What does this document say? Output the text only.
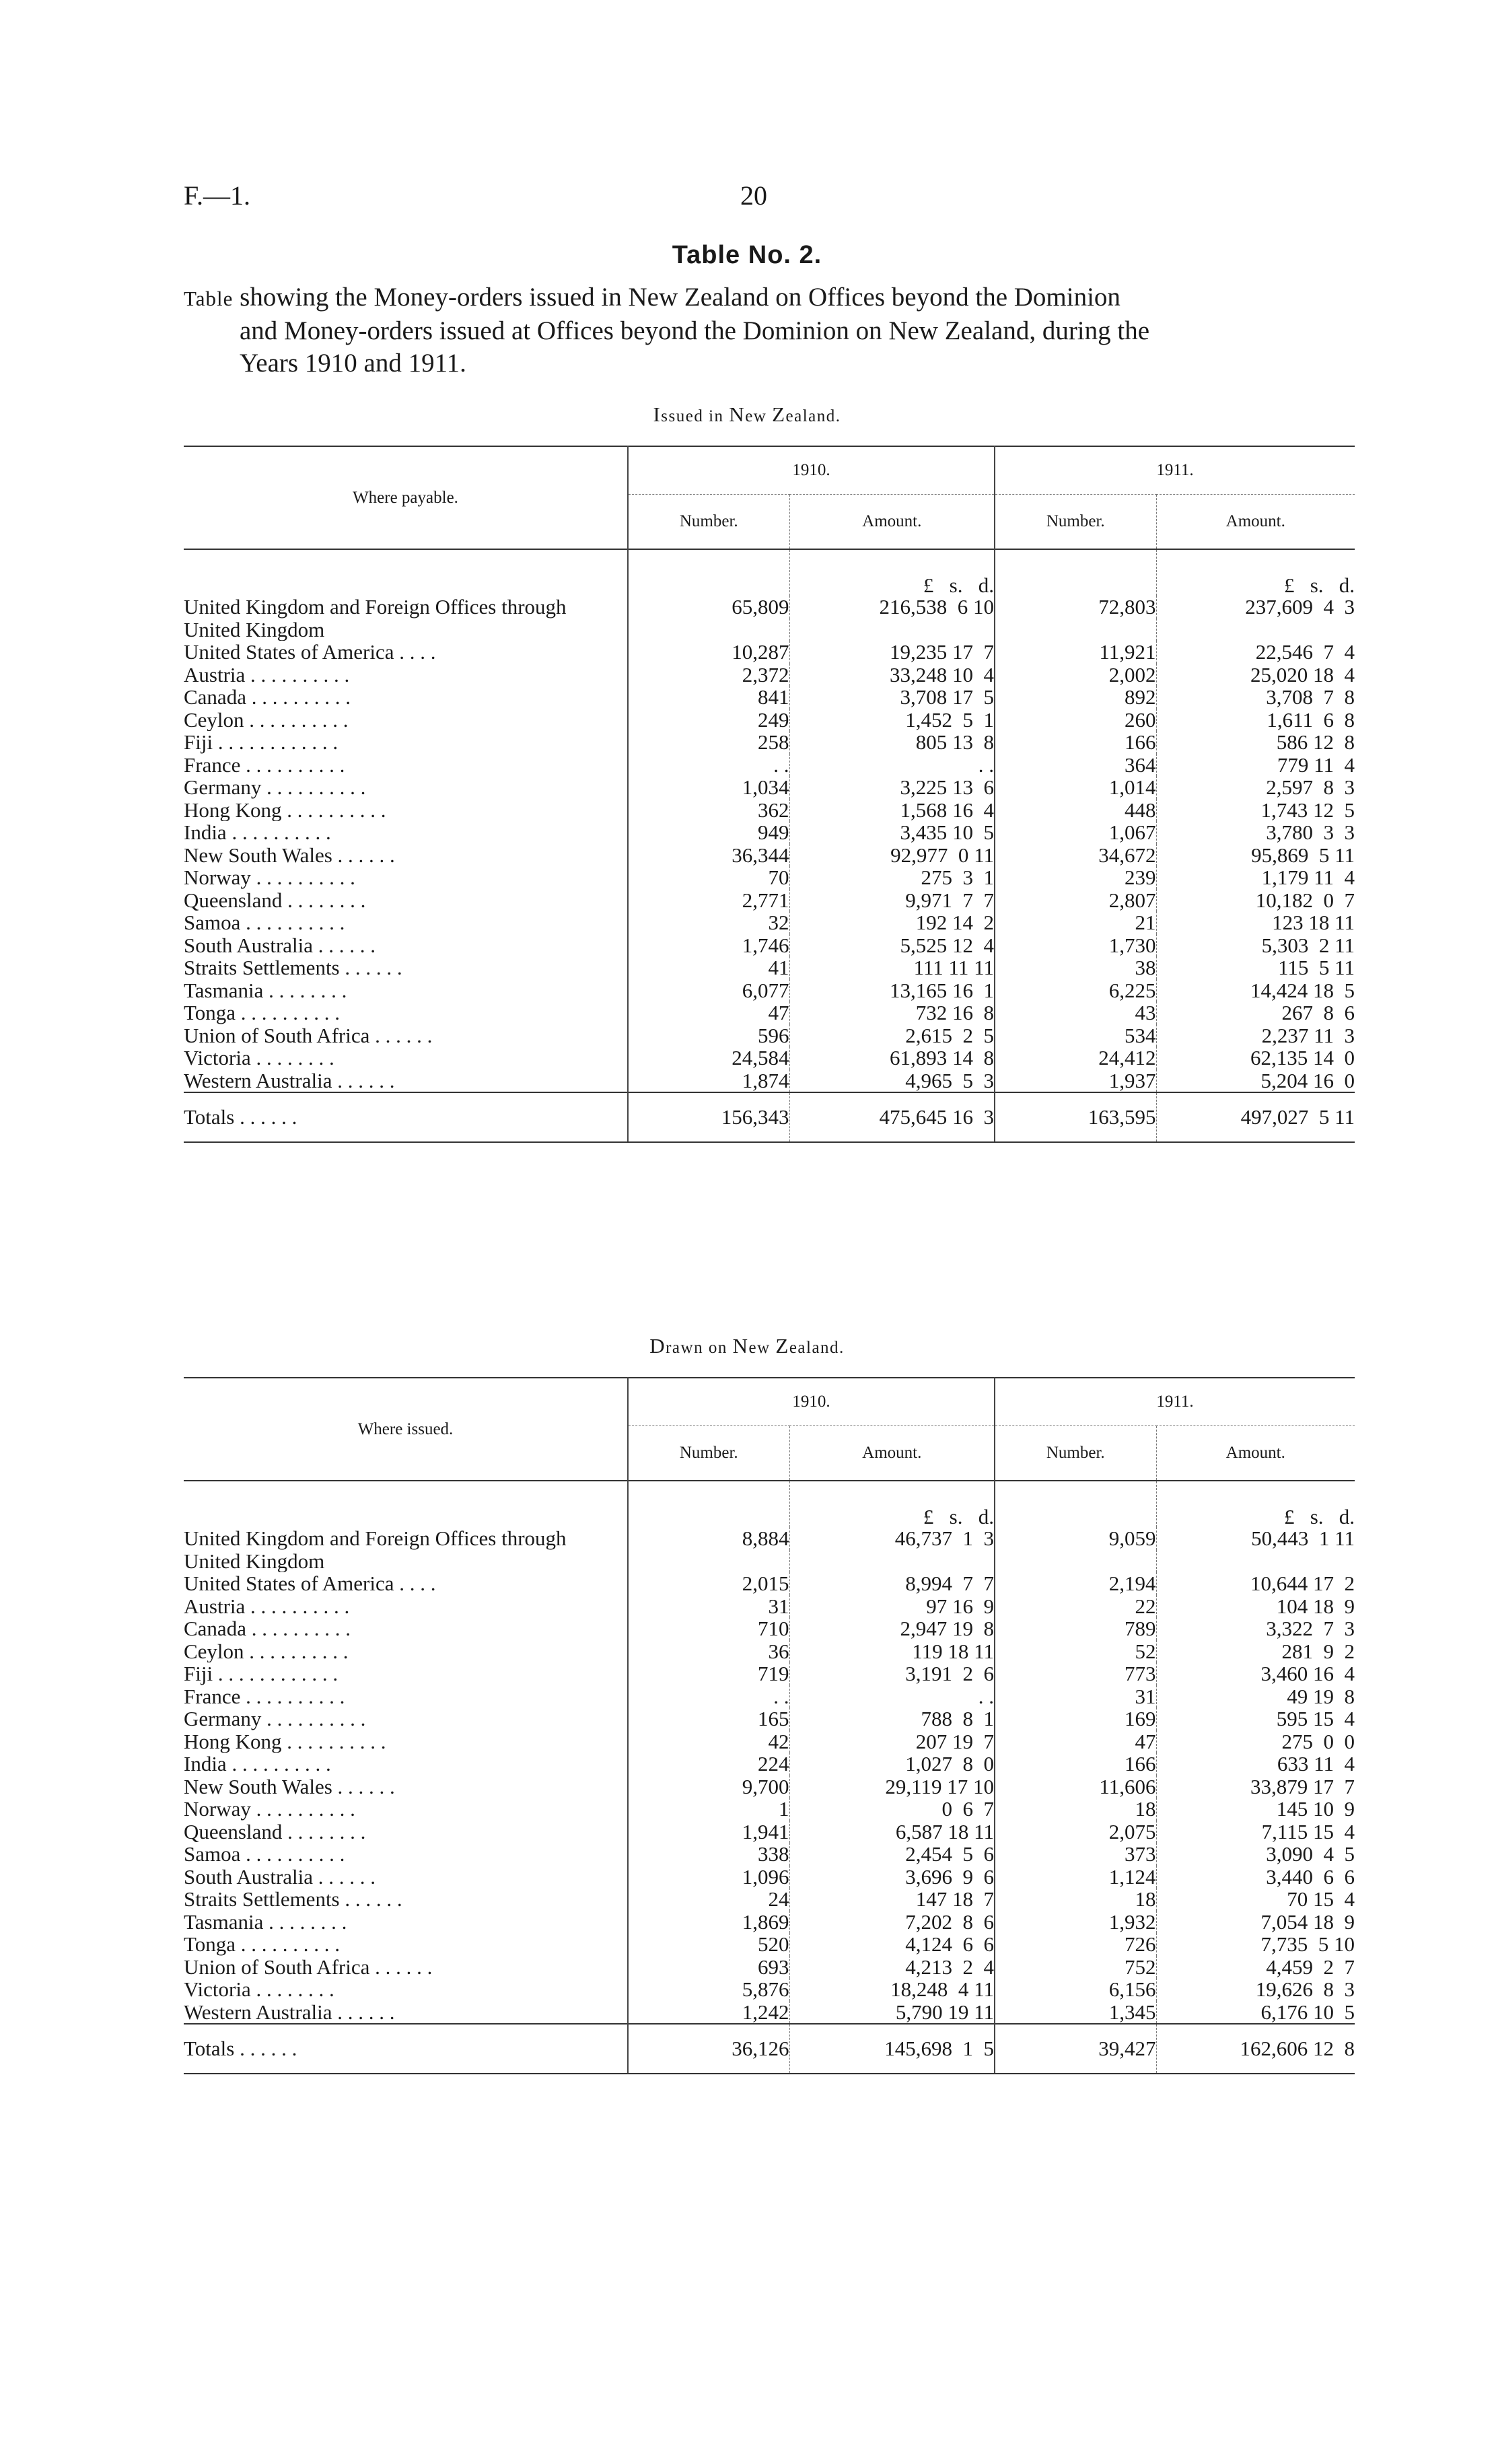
F.—1.	20
Table No. 2.
Table showing the Money-orders issued in New Zealand on Offices beyond the Dominion
and Money-orders issued at Offices beyond the Dominion on New Zealand, during the
Years 1910 and 1911.
Issued in New Zealand.
Where payable.	1910.		1911.	
	Number.	Amount.	Number.	Amount.
		£   s.   d.		£   s.   d.
United Kingdom and Foreign Offices through	65,809	216,538  6 10	72,803	237,609  4  3
United Kingdom				
United States of America . . . .	10,287	19,235 17  7	11,921	22,546  7  4
Austria . . . . . . . . . .	2,372	33,248 10  4	2,002	25,020 18  4
Canada . . . . . . . . . .	841	3,708 17  5	892	3,708  7  8
Ceylon . . . . . . . . . .	249	1,452  5  1	260	1,611  6  8
Fiji . . . . . . . . . . . .	258	805 13  8	166	586 12  8
France . . . . . . . . . .	. .	. .	364	779 11  4
Germany . . . . . . . . . .	1,034	3,225 13  6	1,014	2,597  8  3
Hong Kong . . . . . . . . . .	362	1,568 16  4	448	1,743 12  5
India . . . . . . . . . .	949	3,435 10  5	1,067	3,780  3  3
New South Wales . . . . . .	36,344	92,977  0 11	34,672	95,869  5 11
Norway . . . . . . . . . .	70	275  3  1	239	1,179 11  4
Queensland . . . . . . . .	2,771	9,971  7  7	2,807	10,182  0  7
Samoa . . . . . . . . . .	32	192 14  2	21	123 18 11
South Australia . . . . . .	1,746	5,525 12  4	1,730	5,303  2 11
Straits Settlements . . . . . .	41	111 11 11	38	115  5 11
Tasmania . . . . . . . .	6,077	13,165 16  1	6,225	14,424 18  5
Tonga . . . . . . . . . .	47	732 16  8	43	267  8  6
Union of South Africa . . . . . .	596	2,615  2  5	534	2,237 11  3
Victoria . . . . . . . .	24,584	61,893 14  8	24,412	62,135 14  0
Western Australia . . . . . .	1,874	4,965  5  3	1,937	5,204 16  0
Totals . . . . . .	156,343	475,645 16  3	163,595	497,027  5 11
Drawn on New Zealand.
Where issued.	1910.		1911.	
	Number.	Amount.	Number.	Amount.
		£   s.   d.		£   s.   d.
United Kingdom and Foreign Offices through	8,884	46,737  1  3	9,059	50,443  1 11
United Kingdom				
United States of America . . . .	2,015	8,994  7  7	2,194	10,644 17  2
Austria . . . . . . . . . .	31	97 16  9	22	104 18  9
Canada . . . . . . . . . .	710	2,947 19  8	789	3,322  7  3
Ceylon . . . . . . . . . .	36	119 18 11	52	281  9  2
Fiji . . . . . . . . . . . .	719	3,191  2  6	773	3,460 16  4
France . . . . . . . . . .	. .	. .	31	49 19  8
Germany . . . . . . . . . .	165	788  8  1	169	595 15  4
Hong Kong . . . . . . . . . .	42	207 19  7	47	275  0  0
India . . . . . . . . . .	224	1,027  8  0	166	633 11  4
New South Wales . . . . . .	9,700	29,119 17 10	11,606	33,879 17  7
Norway . . . . . . . . . .	1	0  6  7	18	145 10  9
Queensland . . . . . . . .	1,941	6,587 18 11	2,075	7,115 15  4
Samoa . . . . . . . . . .	338	2,454  5  6	373	3,090  4  5
South Australia . . . . . .	1,096	3,696  9  6	1,124	3,440  6  6
Straits Settlements . . . . . .	24	147 18  7	18	70 15  4
Tasmania . . . . . . . .	1,869	7,202  8  6	1,932	7,054 18  9
Tonga . . . . . . . . . .	520	4,124  6  6	726	7,735  5 10
Union of South Africa . . . . . .	693	4,213  2  4	752	4,459  2  7
Victoria . . . . . . . .	5,876	18,248  4 11	6,156	19,626  8  3
Western Australia . . . . . .	1,242	5,790 19 11	1,345	6,176 10  5
Totals . . . . . .	36,126	145,698  1  5	39,427	162,606 12  8
